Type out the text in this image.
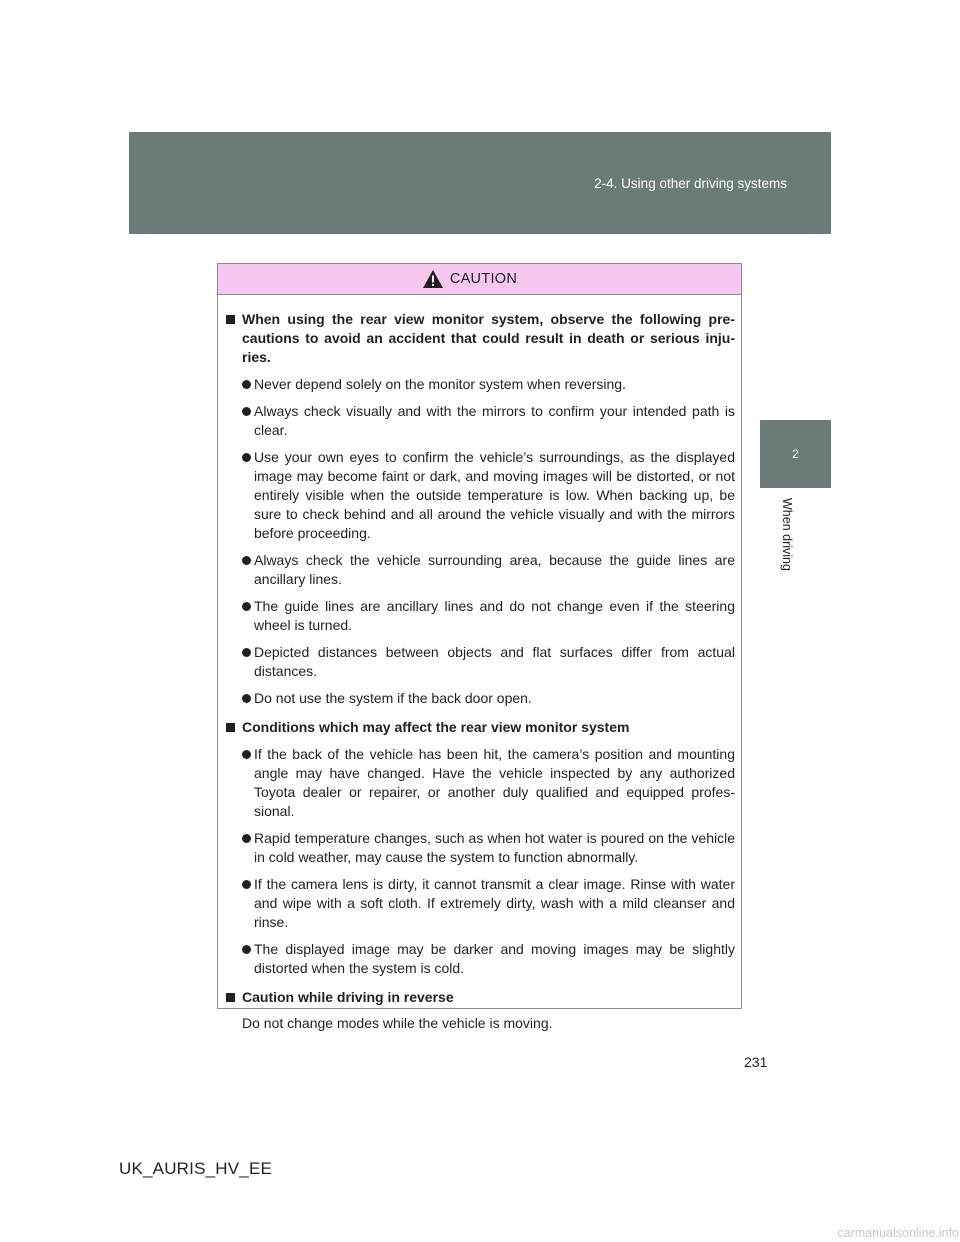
2-4. Using other driving systems
2
When driving
CAUTION
When using the rear view monitor system, observe the following pre-cautions to avoid an accident that could result in death or serious inju-ries.
Never depend solely on the monitor system when reversing.
Always check visually and with the mirrors to confirm your intended path is clear.
Use your own eyes to confirm the vehicle’s surroundings, as the displayed image may become faint or dark, and moving images will be distorted, or not entirely visible when the outside temperature is low. When backing up, be sure to check behind and all around the vehicle visually and with the mirrors before proceeding.
Always check the vehicle surrounding area, because the guide lines are ancillary lines.
The guide lines are ancillary lines and do not change even if the steering wheel is turned.
Depicted distances between objects and flat surfaces differ from actual distances.
Do not use the system if the back door open.
Conditions which may affect the rear view monitor system
If the back of the vehicle has been hit, the camera’s position and mounting angle may have changed. Have the vehicle inspected by any authorized Toyota dealer or repairer, or another duly qualified and equipped profes-sional.
Rapid temperature changes, such as when hot water is poured on the vehicle in cold weather, may cause the system to function abnormally.
If the camera lens is dirty, it cannot transmit a clear image. Rinse with water and wipe with a soft cloth. If extremely dirty, wash with a mild cleanser and rinse.
The displayed image may be darker and moving images may be slightly distorted when the system is cold.
Caution while driving in reverse
Do not change modes while the vehicle is moving.
231
UK_AURIS_HV_EE
carmanualsonline.info
